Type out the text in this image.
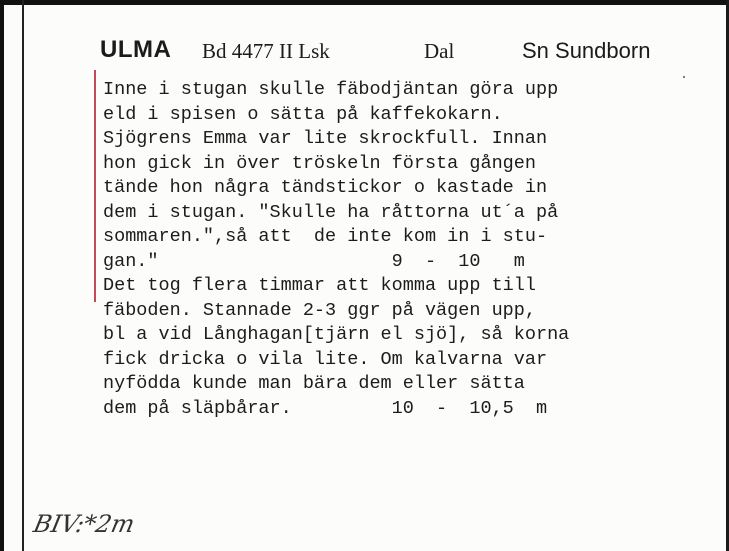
ULMA Bd 4477 II Lsk	Dal	Sn Sundborn
Inne i stugan skulle fäbodjäntan göra upp
eld i spisen o sätta på kaffekokarn.
Sjögrens Emma var lite skrockfull. Innan
hon gick in över tröskeln första gången
tände hon några tändstickor o kastade in
dem i stugan. "Skulle ha råttorna ut´a på
sommaren.",så att  de inte kom in i stu-
gan."                     9  -  10   m
Det tog flera timmar att komma upp till
fäboden. Stannade 2-3 ggr på vägen upp,
bl a vid Långhagan[tjärn el sjö], så korna
fick dricka o vila lite. Om kalvarna var
nyfödda kunde man bära dem eller sätta
dem på släpbårar.         10  -  10,5  m
BIV:*2m
